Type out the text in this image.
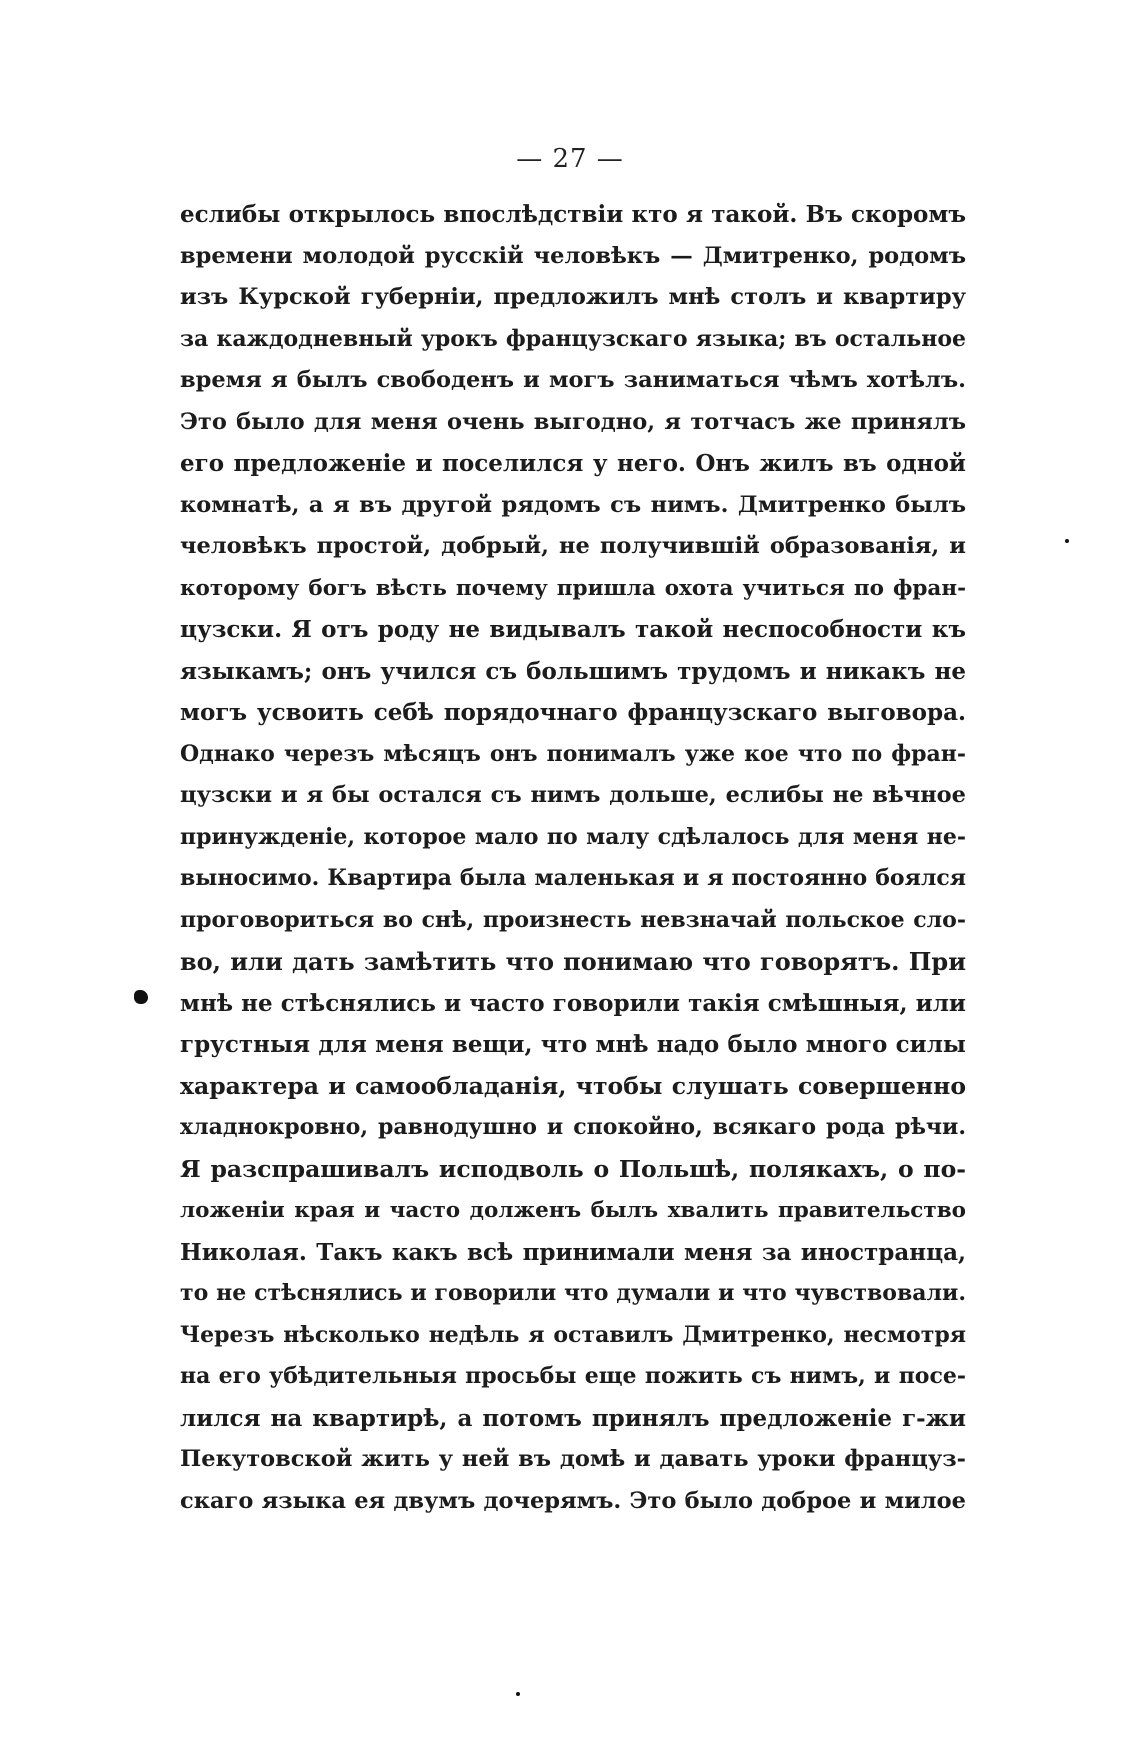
— 27 —
еслибы открылось впослѣдствіи кто я такой. Въ скоромъ
времени молодой русскій человѣкъ — Дмитренко, родомъ
изъ Курской губерніи, предложилъ мнѣ столъ и квартиру
за каждодневный урокъ французскаго языка; въ остальное
время я былъ свободенъ и могъ заниматься чѣмъ хотѣлъ.
Это было для меня очень выгодно, я тотчасъ же принялъ
его предложеніе и поселился у него. Онъ жилъ въ одной
комнатѣ, а я въ другой рядомъ съ нимъ. Дмитренко былъ
человѣкъ простой, добрый, не получившій образованія, и
которому богъ вѣсть почему пришла охота учиться по фран-
цузски. Я отъ роду не видывалъ такой неспособности къ
языкамъ; онъ учился съ большимъ трудомъ и никакъ не
могъ усвоить себѣ порядочнаго французскаго выговора.
Однако черезъ мѣсяцъ онъ понималъ уже кое что по фран-
цузски и я бы остался съ нимъ дольше, еслибы не вѣчное
принужденіе, которое мало по малу сдѣлалось для меня не-
выносимо. Квартира была маленькая и я постоянно боялся
проговориться во снѣ, произнесть невзначай польское сло-
во, или дать замѣтить что понимаю что говорятъ. При
мнѣ не стѣснялись и часто говорили такія смѣшныя, или
грустныя для меня вещи, что мнѣ надо было много силы
характера и самообладанія, чтобы слушать совершенно
хладнокровно, равнодушно и спокойно, всякаго рода рѣчи.
Я разспрашивалъ исподволь о Польшѣ, полякахъ, о по-
ложеніи края и часто долженъ былъ хвалить правительство
Николая. Такъ какъ всѣ принимали меня за иностранца,
то не стѣснялись и говорили что думали и что чувствовали.
Черезъ нѣсколько недѣль я оставилъ Дмитренко, несмотря
на его убѣдительныя просьбы еще пожить съ нимъ, и посе-
лился на квартирѣ, а потомъ принялъ предложеніе г-жи
Пекутовской жить у ней въ домѣ и давать уроки француз-
скаго языка ея двумъ дочерямъ. Это было доброе и милое
